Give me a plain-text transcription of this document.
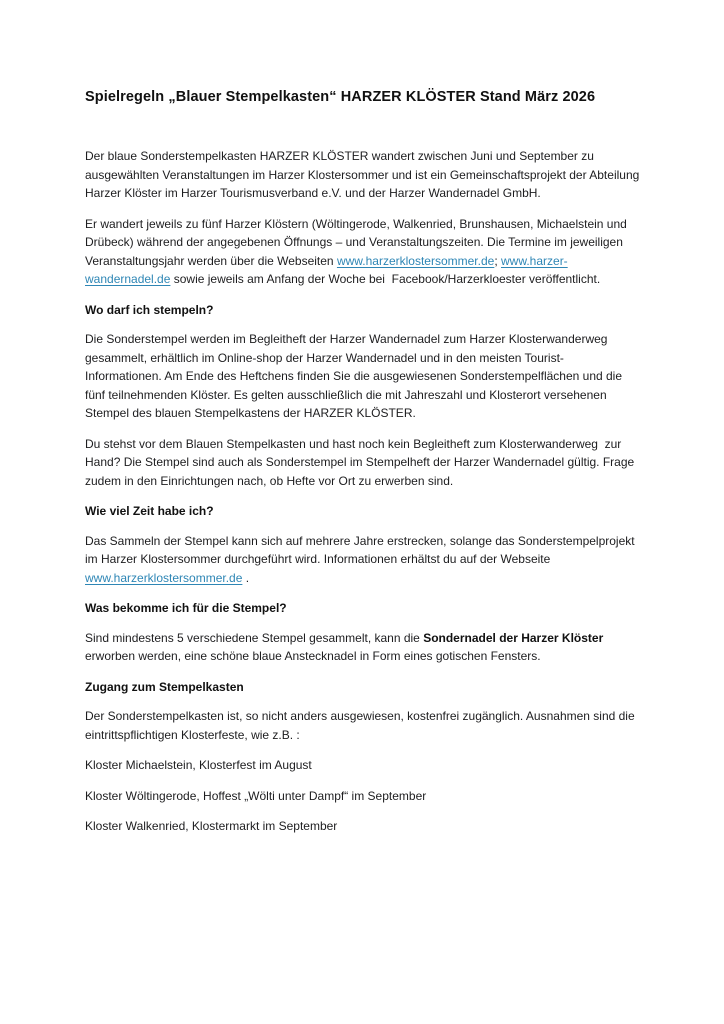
Spielregeln „Blauer Stempelkasten“ HARZER KLÖSTER Stand März 2026

Der blaue Sonderstempelkasten HARZER KLÖSTER wandert zwischen Juni und September zu ausgewählten Veranstaltungen im Harzer Klostersommer und ist ein Gemeinschaftsprojekt der Abteilung Harzer Klöster im Harzer Tourismusverband e.V. und der Harzer Wandernadel GmbH.

Er wandert jeweils zu fünf Harzer Klöstern (Wöltingerode, Walkenried, Brunshausen, Michaelstein und Drübeck) während der angegebenen Öffnungs – und Veranstaltungszeiten. Die Termine im jeweiligen Veranstaltungsjahr werden über die Webseiten www.harzerklostersommer.de; www.harzer-wandernadel.de sowie jeweils am Anfang der Woche bei  Facebook/Harzerkloester veröffentlicht.

Wo darf ich stempeln?

Die Sonderstempel werden im Begleitheft der Harzer Wandernadel zum Harzer Klosterwanderweg gesammelt, erhältlich im Online-shop der Harzer Wandernadel und in den meisten Tourist-Informationen. Am Ende des Heftchens finden Sie die ausgewiesenen Sonderstempelflächen und die fünf teilnehmenden Klöster. Es gelten ausschließlich die mit Jahreszahl und Klosterort versehenen Stempel des blauen Stempelkastens der HARZER KLÖSTER.

Du stehst vor dem Blauen Stempelkasten und hast noch kein Begleitheft zum Klosterwanderweg  zur Hand? Die Stempel sind auch als Sonderstempel im Stempelheft der Harzer Wandernadel gültig. Frage zudem in den Einrichtungen nach, ob Hefte vor Ort zu erwerben sind.

Wie viel Zeit habe ich?

Das Sammeln der Stempel kann sich auf mehrere Jahre erstrecken, solange das Sonderstempelprojekt im Harzer Klostersommer durchgeführt wird. Informationen erhältst du auf der Webseite www.harzerklostersommer.de .

Was bekomme ich für die Stempel?

Sind mindestens 5 verschiedene Stempel gesammelt, kann die Sondernadel der Harzer Klöster erworben werden, eine schöne blaue Anstecknadel in Form eines gotischen Fensters.

Zugang zum Stempelkasten

Der Sonderstempelkasten ist, so nicht anders ausgewiesen, kostenfrei zugänglich. Ausnahmen sind die eintrittspflichtigen Klosterfeste, wie z.B. :

Kloster Michaelstein, Klosterfest im August

Kloster Wöltingerode, Hoffest „Wölti unter Dampf“ im September

Kloster Walkenried, Klostermarkt im September
